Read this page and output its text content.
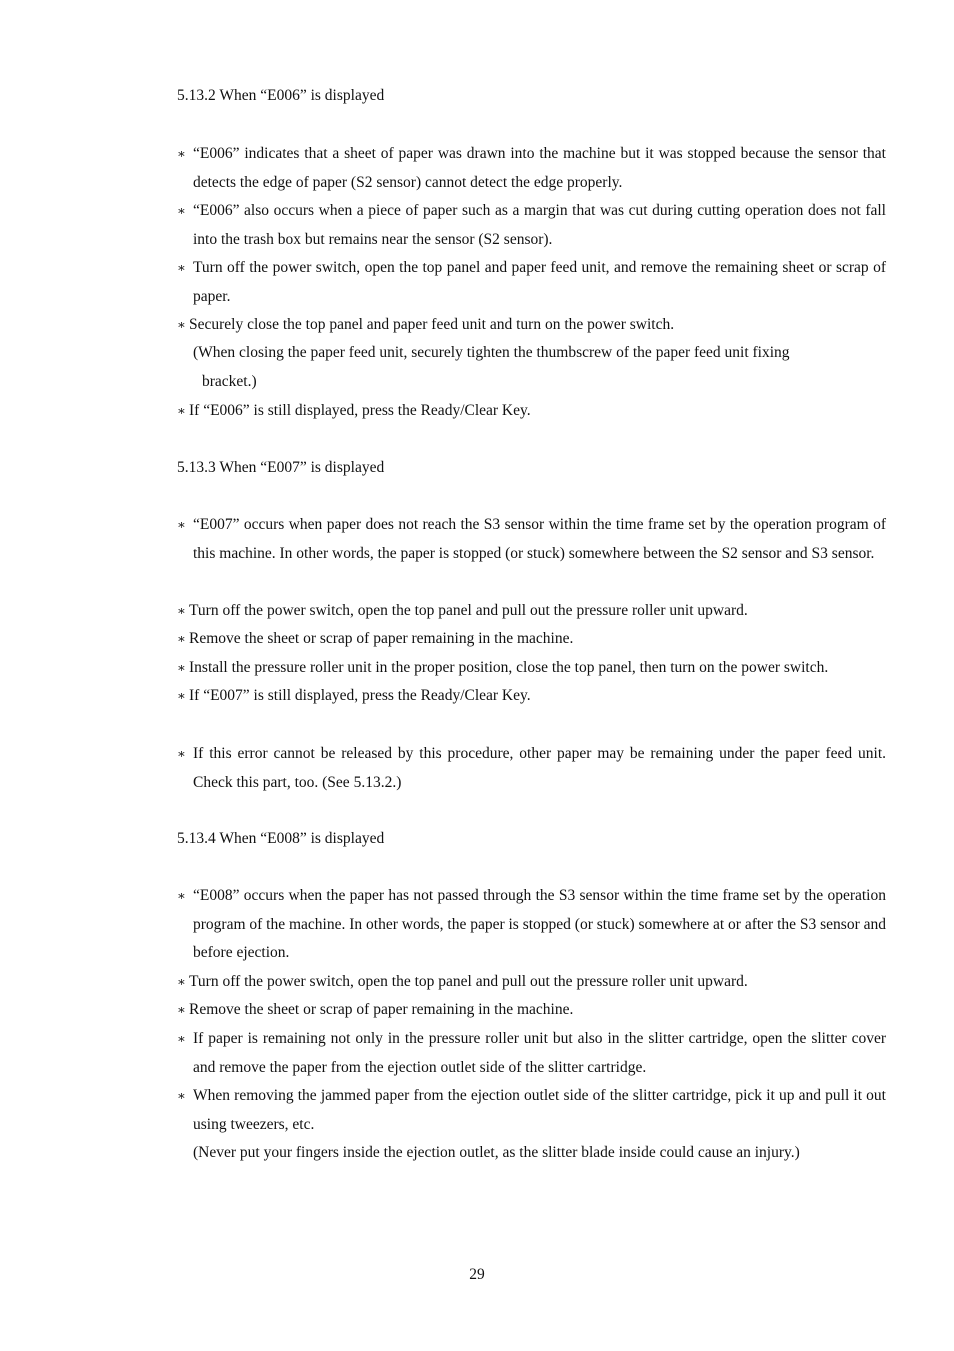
5.13.2 When “E006” is displayed
∗ “E006” indicates that a sheet of paper was drawn into the machine but it was stopped because the sensor that detects the edge of paper (S2 sensor) cannot detect the edge properly.
∗ “E006” also occurs when a piece of paper such as a margin that was cut during cutting operation does not fall into the trash box but remains near the sensor (S2 sensor).
∗ Turn off the power switch, open the top panel and paper feed unit, and remove the remaining sheet or scrap of paper.
∗ Securely close the top panel and paper feed unit and turn on the power switch.
(When closing the paper feed unit, securely tighten the thumbscrew of the paper feed unit fixing
bracket.)
∗ If “E006” is still displayed, press the Ready/Clear Key.
5.13.3 When “E007” is displayed
∗ “E007” occurs when paper does not reach the S3 sensor within the time frame set by the operation program of this machine. In other words, the paper is stopped (or stuck) somewhere between the S2 sensor and S3 sensor.
∗ Turn off the power switch, open the top panel and pull out the pressure roller unit upward.
∗ Remove the sheet or scrap of paper remaining in the machine.
∗ Install the pressure roller unit in the proper position, close the top panel, then turn on the power switch.
∗ If “E007” is still displayed, press the Ready/Clear Key.
∗ If this error cannot be released by this procedure, other paper may be remaining under the paper feed unit. Check this part, too. (See 5.13.2.)
5.13.4 When “E008” is displayed
∗ “E008” occurs when the paper has not passed through the S3 sensor within the time frame set by the operation program of the machine. In other words, the paper is stopped (or stuck) somewhere at or after the S3 sensor and before ejection.
∗ Turn off the power switch, open the top panel and pull out the pressure roller unit upward.
∗ Remove the sheet or scrap of paper remaining in the machine.
∗ If paper is remaining not only in the pressure roller unit but also in the slitter cartridge, open the slitter cover and remove the paper from the ejection outlet side of the slitter cartridge.
∗ When removing the jammed paper from the ejection outlet side of the slitter cartridge, pick it up and pull it out using tweezers, etc.
(Never put your fingers inside the ejection outlet, as the slitter blade inside could cause an injury.)
29
